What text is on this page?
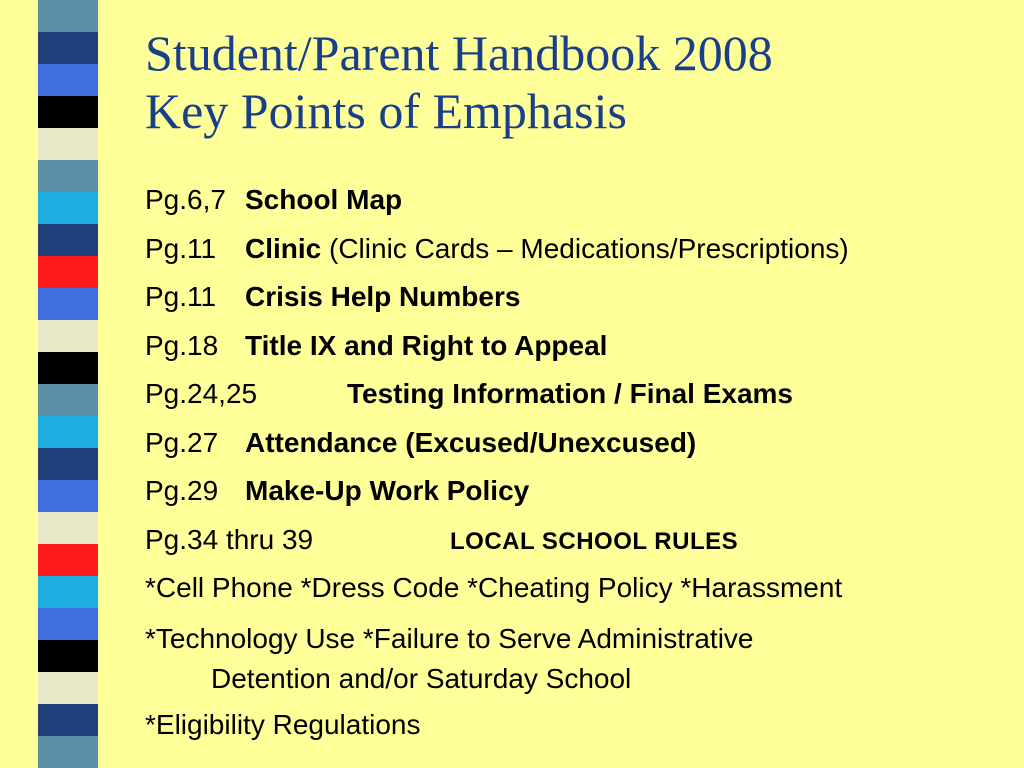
Student/Parent Handbook 2008
Key Points of Emphasis
Pg.6,7 School Map
Pg.11 Clinic (Clinic Cards – Medications/Prescriptions)
Pg.11 Crisis Help Numbers
Pg.18 Title IX and Right to Appeal
Pg.24,25	Testing Information / Final Exams
Pg.27 Attendance (Excused/Unexcused)
Pg.29 Make-Up Work Policy
Pg.34 thru 39	LOCAL SCHOOL RULES
*Cell Phone *Dress Code *Cheating Policy *Harassment
*Technology Use *Failure to Serve Administrative
Detention and/or Saturday School
*Eligibility Regulations
